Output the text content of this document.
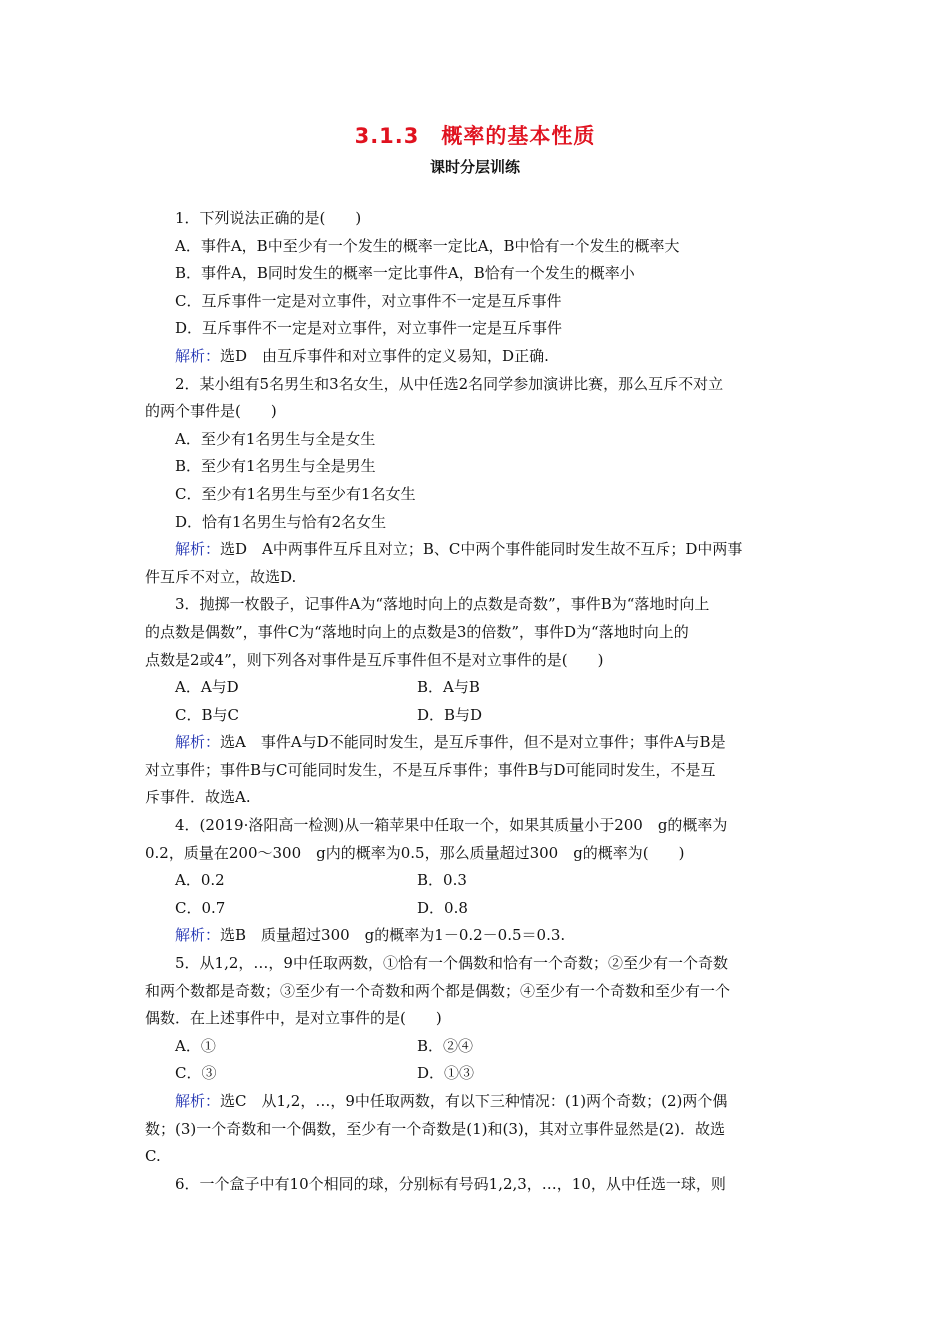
3.1.3　概率的基本性质
课时分层训练
1．下列说法正确的是(　　)
A．事件A，B中至少有一个发生的概率一定比A，B中恰有一个发生的概率大
B．事件A，B同时发生的概率一定比事件A，B恰有一个发生的概率小
C．互斥事件一定是对立事件，对立事件不一定是互斥事件
D．互斥事件不一定是对立事件，对立事件一定是互斥事件
解析：选D　由互斥事件和对立事件的定义易知，D正确.
2．某小组有5名男生和3名女生，从中任选2名同学参加演讲比赛，那么互斥不对立
的两个事件是(　　)
A．至少有1名男生与全是女生
B．至少有1名男生与全是男生
C．至少有1名男生与至少有1名女生
D．恰有1名男生与恰有2名女生
解析：选D　A中两事件互斥且对立；B、C中两个事件能同时发生故不互斥；D中两事
件互斥不对立，故选D.
3．抛掷一枚骰子，记事件A为“落地时向上的点数是奇数”，事件B为“落地时向上
的点数是偶数”，事件C为“落地时向上的点数是3的倍数”，事件D为“落地时向上的
点数是2或4”，则下列各对事件是互斥事件但不是对立事件的是(　　)
A．A与D	B．A与B
C．B与C	D．B与D
解析：选A　事件A与D不能同时发生，是互斥事件，但不是对立事件；事件A与B是
对立事件；事件B与C可能同时发生，不是互斥事件；事件B与D可能同时发生，不是互
斥事件．故选A.
4．(2019·洛阳高一检测)从一箱苹果中任取一个，如果其质量小于200　g的概率为
0.2，质量在200～300　g内的概率为0.5，那么质量超过300　g的概率为(　　)
A．0.2	B．0.3
C．0.7	D．0.8
解析：选B　质量超过300　g的概率为1－0.2－0.5＝0.3.
5．从1,2，…，9中任取两数，①恰有一个偶数和恰有一个奇数；②至少有一个奇数
和两个数都是奇数；③至少有一个奇数和两个都是偶数；④至少有一个奇数和至少有一个
偶数．在上述事件中，是对立事件的是(　　)
A．①	B．②④
C．③	D．①③
解析：选C　从1,2，…，9中任取两数，有以下三种情况：(1)两个奇数；(2)两个偶
数；(3)一个奇数和一个偶数，至少有一个奇数是(1)和(3)，其对立事件显然是(2)．故选
C.
6．一个盒子中有10个相同的球，分别标有号码1,2,3，…，10，从中任选一球，则
